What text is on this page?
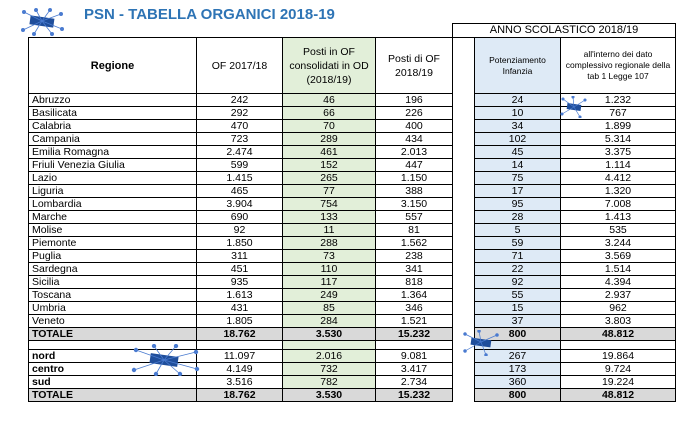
PSN - TABELLA ORGANICI 2018-19
				ANNO SCOLASTICO 2018/19		
Regione	OF 2017/18	Posti in OF consolidati in OD (2018/19)	Posti di OF 2018/19		Potenziamento Infanzia	all'interno dei dato complessivo regionale della tab 1 Legge 107
Abruzzo	242	46	196		24	1.232
Basilicata	292	66	226		10	767
Calabria	470	70	400		34	1.899
Campania	723	289	434		102	5.314
Emilia Romagna	2.474	461	2.013		45	3.375
Friuli Venezia Giulia	599	152	447		14	1.114
Lazio	1.415	265	1.150		75	4.412
Liguria	465	77	388		17	1.320
Lombardia	3.904	754	3.150		95	7.008
Marche	690	133	557		28	1.413
Molise	92	11	81		5	535
Piemonte	1.850	288	1.562		59	3.244
Puglia	311	73	238		71	3.569
Sardegna	451	110	341		22	1.514
Sicilia	935	117	818		92	4.394
Toscana	1.613	249	1.364		55	2.937
Umbria	431	85	346		15	962
Veneto	1.805	284	1.521		37	3.803
TOTALE	18.762	3.530	15.232		800	48.812

nord	11.097	2.016	9.081		267	19.864
centro	4.149	732	3.417		173	9.724
sud	3.516	782	2.734		360	19.224
TOTALE	18.762	3.530	15.232		800	48.812
